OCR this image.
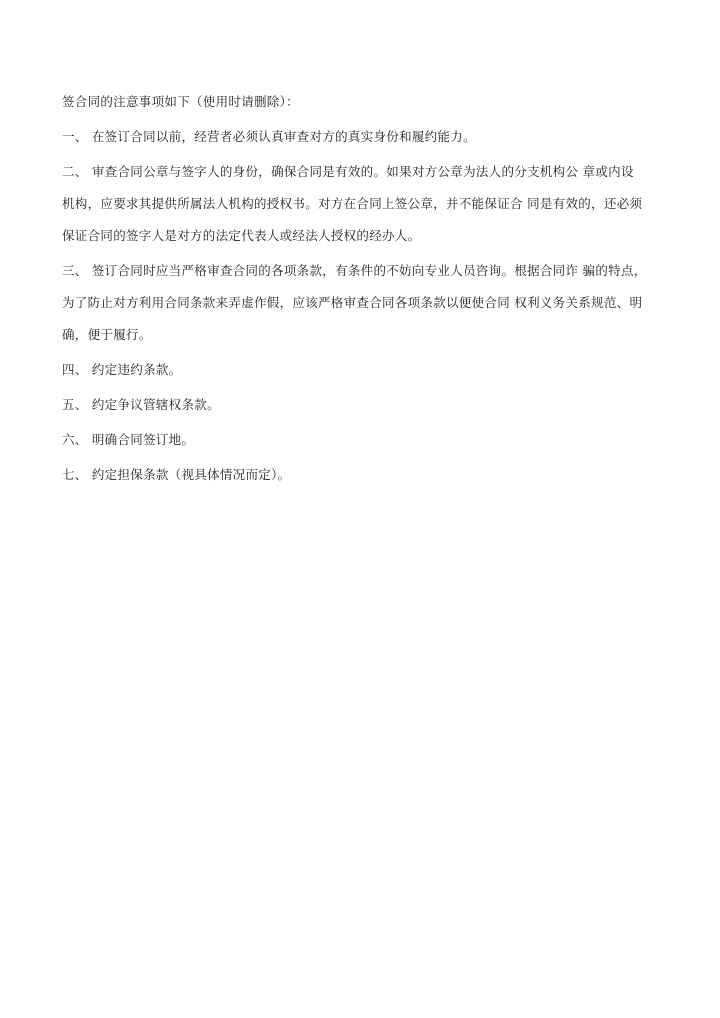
签合同的注意事项如下（使用时请删除）：
一、 在签订合同以前，经营者必须认真审查对方的真实身份和履约能力。
二、 审查合同公章与签字人的身份，确保合同是有效的。如果对方公章为法人的分支机构公 章或内设
机构，应要求其提供所属法人机构的授权书。对方在合同上签公章，并不能保证合 同是有效的，还必须
保证合同的签字人是对方的法定代表人或经法人授权的经办人。
三、 签订合同时应当严格审查合同的各项条款，有条件的不妨向专业人员咨询。根据合同诈 骗的特点，
为了防止对方利用合同条款来弄虚作假，应该严格审查合同各项条款以便使合同 权利义务关系规范、明
确，便于履行。
四、 约定违约条款。
五、 约定争议管辖权条款。
六、 明确合同签订地。
七、 约定担保条款（视具体情况而定）。
